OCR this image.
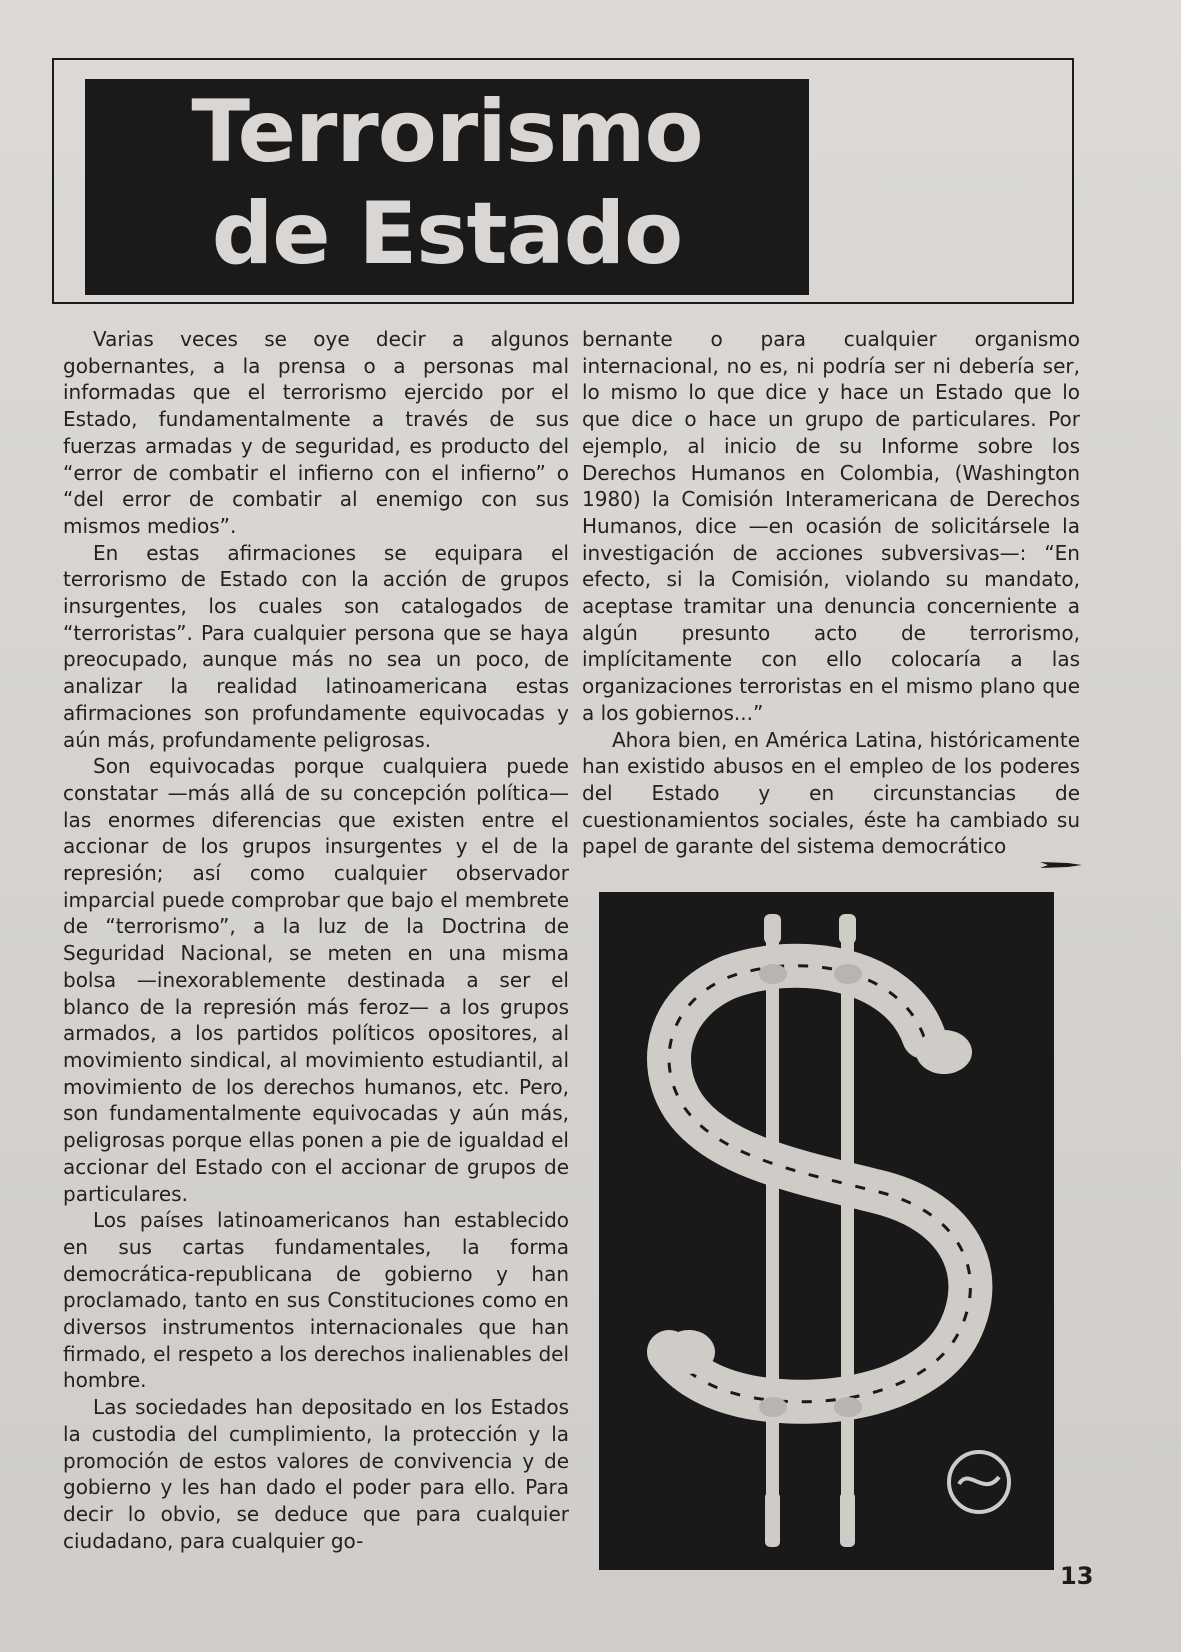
Terrorismo
de Estado

Varias veces se oye decir a algunos gobernantes, a la prensa o a personas mal informadas que el terrorismo ejercido por el Estado, fundamentalmente a través de sus fuerzas armadas y de seguridad, es producto del “error de combatir el infierno con el infierno” o “del error de combatir al enemigo con sus mismos medios”.

En estas afirmaciones se equipara el terrorismo de Estado con la acción de grupos insurgentes, los cuales son catalogados de “terroristas”. Para cualquier persona que se haya preocupado, aunque más no sea un poco, de analizar la realidad latinoamericana estas afirmaciones son profundamente equivocadas y aún más, profundamente peligrosas.

Son equivocadas porque cualquiera puede constatar —más allá de su concepción política— las enormes diferencias que existen entre el accionar de los grupos insurgentes y el de la represión; así como cualquier observador imparcial puede comprobar que bajo el membrete de “terrorismo”, a la luz de la Doctrina de Seguridad Nacional, se meten en una misma bolsa —inexorablemente destinada a ser el blanco de la represión más feroz— a los grupos armados, a los partidos políticos opositores, al movimiento sindical, al movimiento estudiantil, al movimiento de los derechos humanos, etc. Pero, son fundamentalmente equivocadas y aún más, peligrosas porque ellas ponen a pie de igualdad el accionar del Estado con el accionar de grupos de particulares.

Los países latinoamericanos han establecido en sus cartas fundamentales, la forma democrática-republicana de gobierno y han proclamado, tanto en sus Constituciones como en diversos instrumentos internacionales que han firmado, el respeto a los derechos inalienables del hombre.

Las sociedades han depositado en los Estados la custodia del cumplimiento, la protección y la promoción de estos valores de convivencia y de gobierno y les han dado el poder para ello. Para decir lo obvio, se deduce que para cualquier ciudadano, para cualquier go-

bernante o para cualquier organismo internacional, no es, ni podría ser ni debería ser, lo mismo lo que dice y hace un Estado que lo que dice o hace un grupo de particulares. Por ejemplo, al inicio de su Informe sobre los Derechos Humanos en Colombia, (Washington 1980) la Comisión Interamericana de Derechos Humanos, dice —en ocasión de solicitársele la investigación de acciones subversivas—: “En efecto, si la Comisión, violando su mandato, aceptase tramitar una denuncia concerniente a algún presunto acto de terrorismo, implícitamente con ello colocaría a las organizaciones terroristas en el mismo plano que a los gobiernos...”

Ahora bien, en América Latina, históricamente han existido abusos en el empleo de los poderes del Estado y en circunstancias de cuestionamientos sociales, éste ha cambiado su papel de garante del sistema democrático

13
